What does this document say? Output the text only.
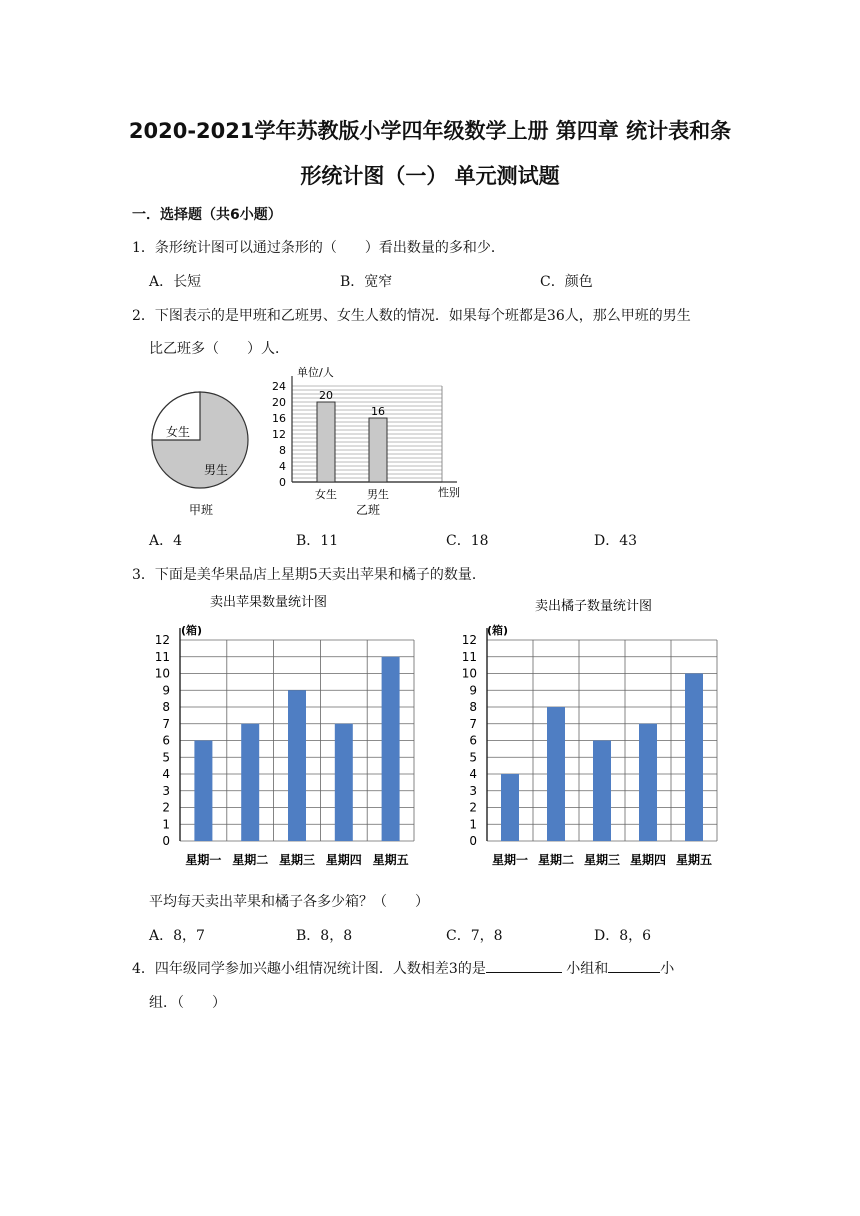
2020-2021学年苏教版小学四年级数学上册 第四章 统计表和条
形统计图（一） 单元测试题
一．选择题（共6小题）
1．条形统计图可以通过条形的（　　）看出数量的多和少．
A．长短	B．宽窄	C．颜色
2．下图表示的是甲班和乙班男、女生人数的情况．如果每个班都是36人，那么甲班的男生
比乙班多（　　）人．
女生
男生
甲班
0
4
8
12
16
20
24
20
女生
16
男生
单位/人
性别
乙班
A．4	B．11	C．18	D．43
3．下面是美华果品店上星期5天卖出苹果和橘子的数量．
卖出苹果数量统计图
(箱)
0
1
2
3
4
5
6
7
8
9
10
11
12
星期一 星期二 星期三 星期四 星期五
卖出橘子数量统计图
(箱)
0
1
2
3
4
5
6
7
8
9
10
11
12
星期一 星期二 星期三 星期四 星期五
平均每天卖出苹果和橘子各多少箱？（　　）
A．8，7	B．8，8	C．7，8	D．8，6
4．四年级同学参加兴趣小组情况统计图．人数相差3的是	小组和	小
组．（　　）
